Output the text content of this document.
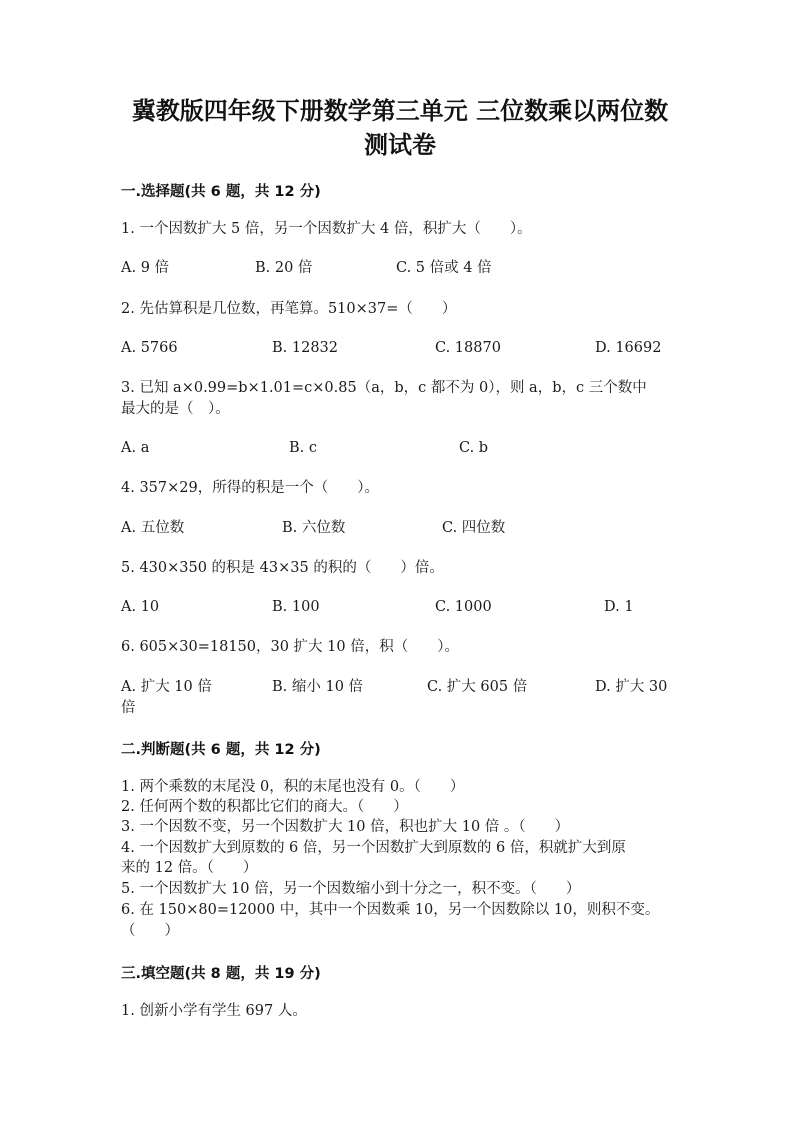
冀教版四年级下册数学第三单元 三位数乘以两位数
测试卷
一.选择题(共 6 题，共 12 分)
1. 一个因数扩大 5 倍，另一个因数扩大 4 倍，积扩大（　　）。
A. 9 倍	B. 20 倍	C. 5 倍或 4 倍
2. 先估算积是几位数，再笔算。510×37=（　　）
A. 5766	B. 12832	C. 18870	D. 16692
3. 已知 a×0.99=b×1.01=c×0.85（a，b，c 都不为 0），则 a，b，c 三个数中
最大的是（　）。
A. a	B. c	C. b
4. 357×29，所得的积是一个（　　）。
A. 五位数	B. 六位数	C. 四位数
5. 430×350 的积是 43×35 的积的（　　）倍。
A. 10	B. 100	C. 1000	D. 1
6. 605×30=18150，30 扩大 10 倍，积（　　）。
A. 扩大 10 倍	B. 缩小 10 倍	C. 扩大 605 倍	D. 扩大 30
倍
二.判断题(共 6 题，共 12 分)
1. 两个乘数的末尾没 0，积的末尾也没有 0。（　　）
2. 任何两个数的积都比它们的商大。（　　）
3. 一个因数不变，另一个因数扩大 10 倍，积也扩大 10 倍 。（　　）
4. 一个因数扩大到原数的 6 倍，另一个因数扩大到原数的 6 倍，积就扩大到原
来的 12 倍。（　　）
5. 一个因数扩大 10 倍，另一个因数缩小到十分之一，积不变。（　　）
6. 在 150×80=12000 中，其中一个因数乘 10，另一个因数除以 10，则积不变。
（　　）
三.填空题(共 8 题，共 19 分)
1. 创新小学有学生 697 人。
